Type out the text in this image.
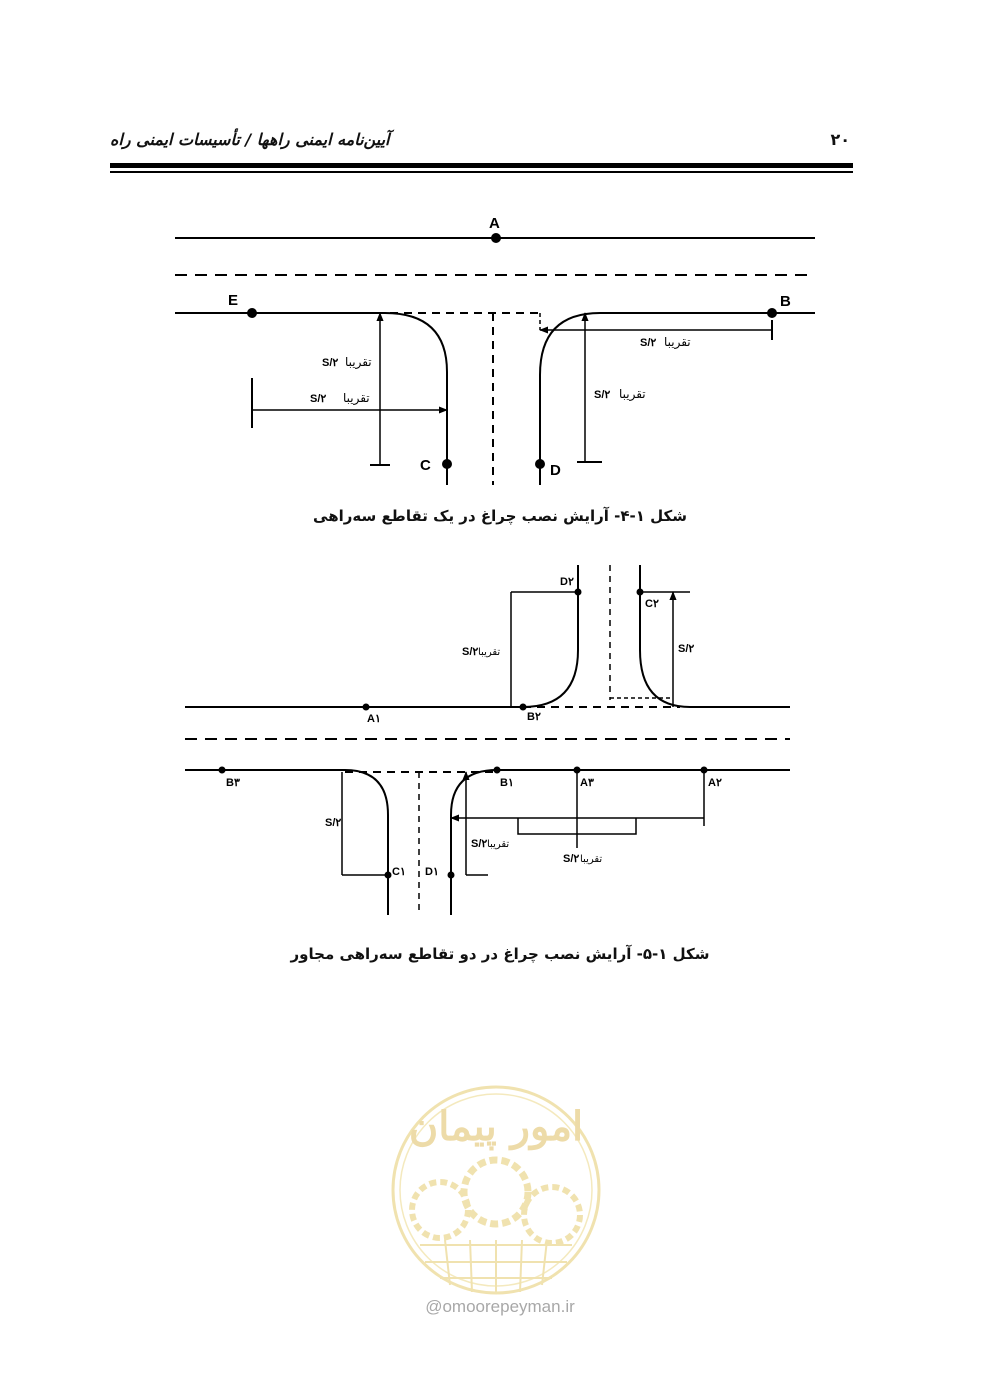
آیین‌نامه ایمنی راهها / تأسیسات ایمنی راه	۲۰
A
E	B
C	D
تقریبا
S/۲
تقریبا
S/۲
تقریبا
S/۲
تقریبا
S/۲
D۲
C۲
A۱	B۲
B۳	B۱	A۳	A۲
C۱ D۱
تقریبا
S/۲	S/۲
S/۲
تقریبا
S/۲
تقریبا
S/۲
امور پیمان
شکل ۱-۴- آرایش نصب چراغ در یک تقاطع سه‌راهی
شکل ۱-۵- آرایش نصب چراغ در دو تقاطع سه‌راهی مجاور
@omoorepeyman.ir
